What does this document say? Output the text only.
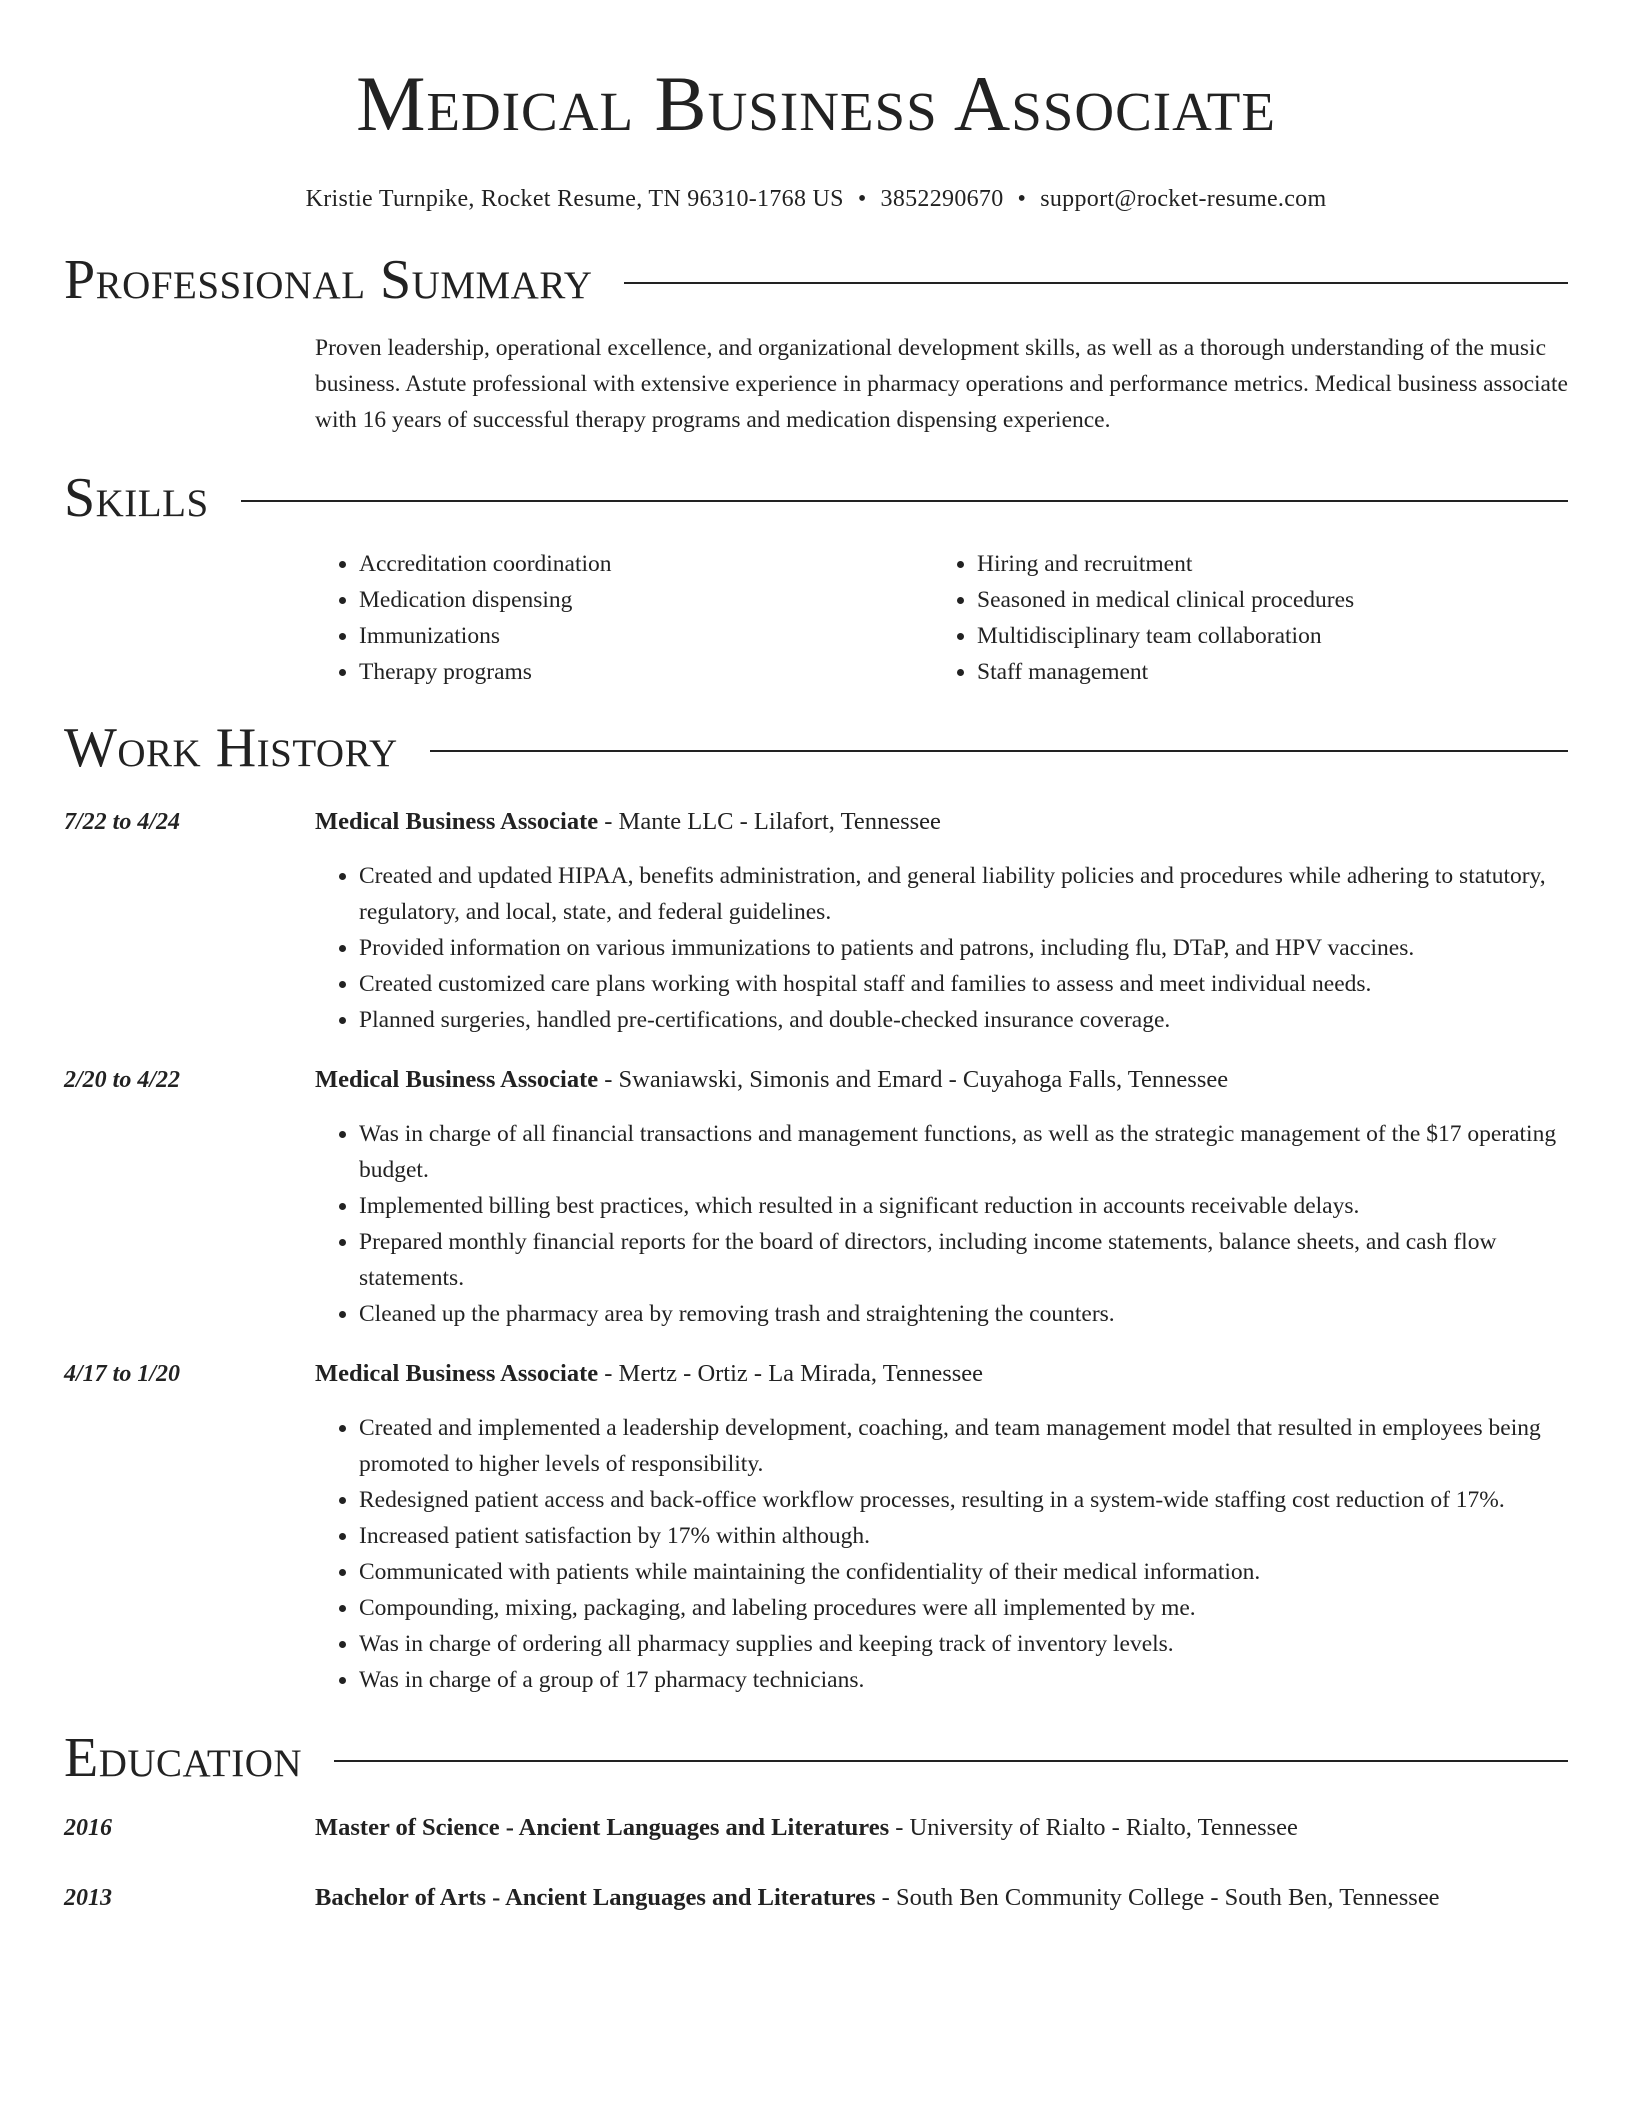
Medical Business Associate
Kristie Turnpike, Rocket Resume, TN 96310-1768 US • 3852290670 • support@rocket-resume.com
Professional Summary
Proven leadership, operational excellence, and organizational development skills, as well as a thorough understanding of the music business. Astute professional with extensive experience in pharmacy operations and performance metrics. Medical business associate with 16 years of successful therapy programs and medication dispensing experience.
Skills
• Accreditation coordination
• Medication dispensing
• Immunizations
• Therapy programs
• Hiring and recruitment
• Seasoned in medical clinical procedures
• Multidisciplinary team collaboration
• Staff management
Work History
7/22 to 4/24	Medical Business Associate - Mante LLC - Lilafort, Tennessee
• Created and updated HIPAA, benefits administration, and general liability policies and procedures while adhering to statutory, regulatory, and local, state, and federal guidelines.
• Provided information on various immunizations to patients and patrons, including flu, DTaP, and HPV vaccines.
• Created customized care plans working with hospital staff and families to assess and meet individual needs.
• Planned surgeries, handled pre-certifications, and double-checked insurance coverage.
2/20 to 4/22	Medical Business Associate - Swaniawski, Simonis and Emard - Cuyahoga Falls, Tennessee
• Was in charge of all financial transactions and management functions, as well as the strategic management of the $17 operating budget.
• Implemented billing best practices, which resulted in a significant reduction in accounts receivable delays.
• Prepared monthly financial reports for the board of directors, including income statements, balance sheets, and cash flow statements.
• Cleaned up the pharmacy area by removing trash and straightening the counters.
4/17 to 1/20	Medical Business Associate - Mertz - Ortiz - La Mirada, Tennessee
• Created and implemented a leadership development, coaching, and team management model that resulted in employees being promoted to higher levels of responsibility.
• Redesigned patient access and back-office workflow processes, resulting in a system-wide staffing cost reduction of 17%.
• Increased patient satisfaction by 17% within although.
• Communicated with patients while maintaining the confidentiality of their medical information.
• Compounding, mixing, packaging, and labeling procedures were all implemented by me.
• Was in charge of ordering all pharmacy supplies and keeping track of inventory levels.
• Was in charge of a group of 17 pharmacy technicians.
Education
2016	Master of Science - Ancient Languages and Literatures - University of Rialto - Rialto, Tennessee
2013	Bachelor of Arts - Ancient Languages and Literatures - South Ben Community College - South Ben, Tennessee
